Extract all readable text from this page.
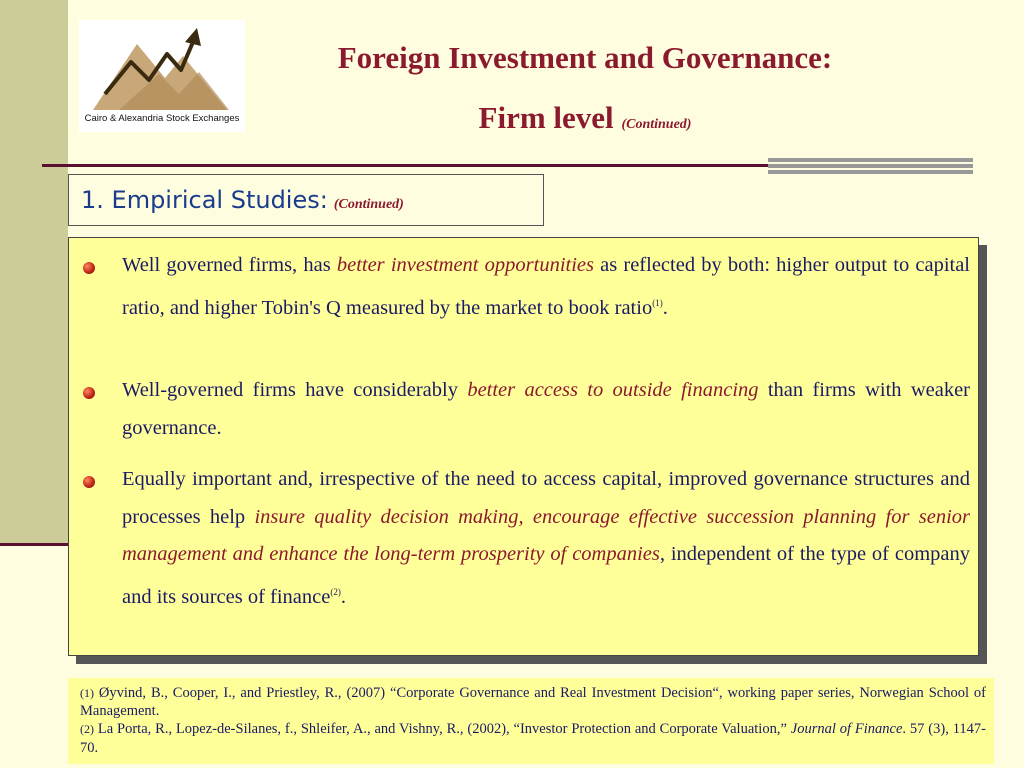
Cairo & Alexandria Stock Exchanges
Foreign Investment and Governance:
Firm level (Continued)
1. Empirical Studies: (Continued)
Well governed firms, has better investment opportunities as reflected by both: higher output to capital ratio, and higher Tobin's Q measured by the market to book ratio$^{(1)}$.
Well-governed firms have considerably better access to outside financing than firms with weaker governance.
Equally important and, irrespective of the need to access capital, improved governance structures and processes help insure quality decision making, encourage effective succession planning for senior management and enhance the long-term prosperity of companies, independent of the type of company and its sources of finance$^{(2)}$.
(1) Øyvind, B., Cooper, I., and Priestley, R., (2007) “Corporate Governance and Real Investment Decision“, working paper series, Norwegian School of Management.
(2) La Porta, R., Lopez-de-Silanes, f., Shleifer, A., and Vishny, R., (2002), “Investor Protection and Corporate Valuation,” Journal of Finance. 57 (3), 1147-70.
